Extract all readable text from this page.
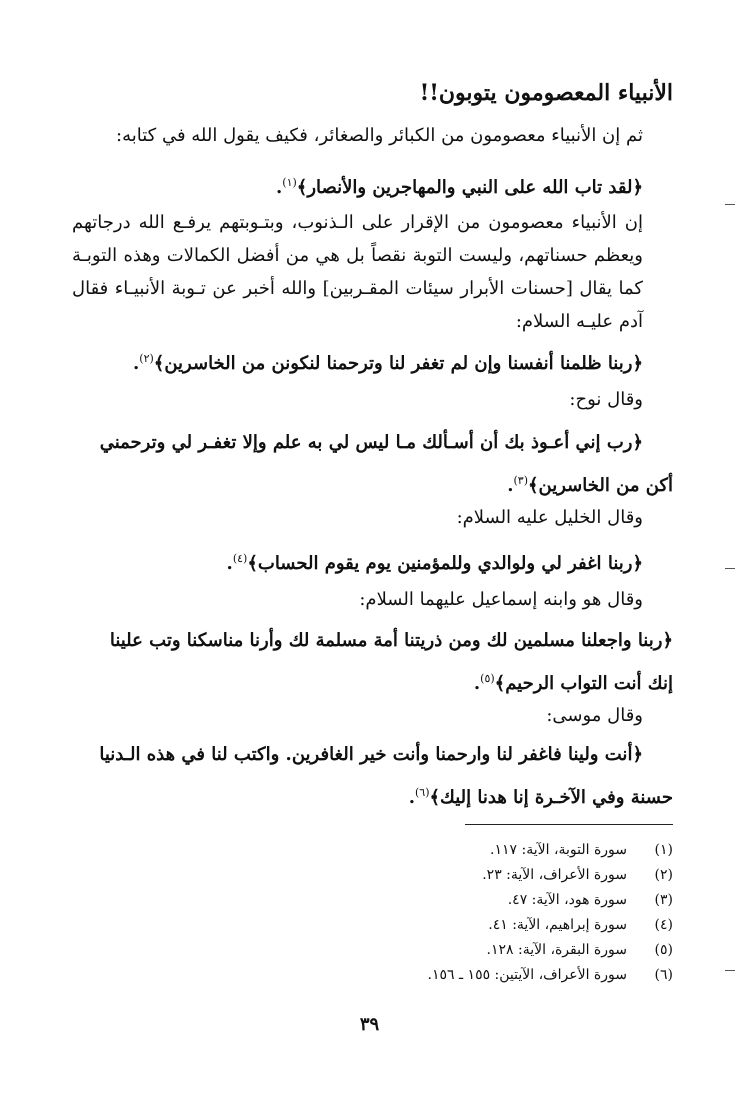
الأنبياء المعصومون يتوبون!!

ثم إن الأنبياء معصومون من الكبائر والصغائر، فكيف يقول الله في كتابه:

﴿لقد تاب الله على النبي والمهاجرين والأنصار﴾$^{(١)}$.

إن الأنبياء معصومون من الإقرار على الـذنوب، وبتـوبتهم يرفـع الله درجاتهم ويعظم حسناتهم، وليست التوبة نقصاً بل هي من أفضل الكمالات وهذه التوبـة كما يقال [حسنات الأبرار سيئات المقـربين] والله أخبر عن تـوبة الأنبيـاء فقال آدم عليـه السلام:

﴿ربنا ظلمنا أنفسنا وإن لم تغفر لنا وترحمنا لنكونن من الخاسرين﴾$^{(٢)}$.

وقال نوح:

﴿رب إني أعـوذ بك أن أسـألك مـا ليس لي به علم وإلا تغفـر لي وترحمني

أكن من الخاسرين﴾$^{(٣)}$.

وقال الخليل عليه السلام:

﴿ربنا اغفر لي ولوالدي وللمؤمنين يوم يقوم الحساب﴾$^{(٤)}$.

وقال هو وابنه إسماعيل عليهما السلام:

﴿ربنا واجعلنا مسلمين لك ومن ذريتنا أمة مسلمة لك وأرنا مناسكنا وتب علينا

إنك أنت التواب الرحيم﴾$^{(٥)}$.

وقال موسى:

﴿أنت ولينا فاغفر لنا وارحمنا وأنت خير الغافرين. واكتب لنا في هذه الـدنيا

حسنة وفي الآخـرة إنا هدنا إليك﴾$^{(٦)}$.

(١)
سورة التوبة، الآية: ١١٧.
(٢)
سورة الأعراف، الآية: ٢٣.
(٣)
سورة هود، الآية: ٤٧.
(٤)
سورة إبراهيم، الآية: ٤١.
(٥)
سورة البقرة، الآية: ١٢٨.
(٦)
سورة الأعراف، الآيتين: ١٥٥ ـ ١٥٦.
٣٩
